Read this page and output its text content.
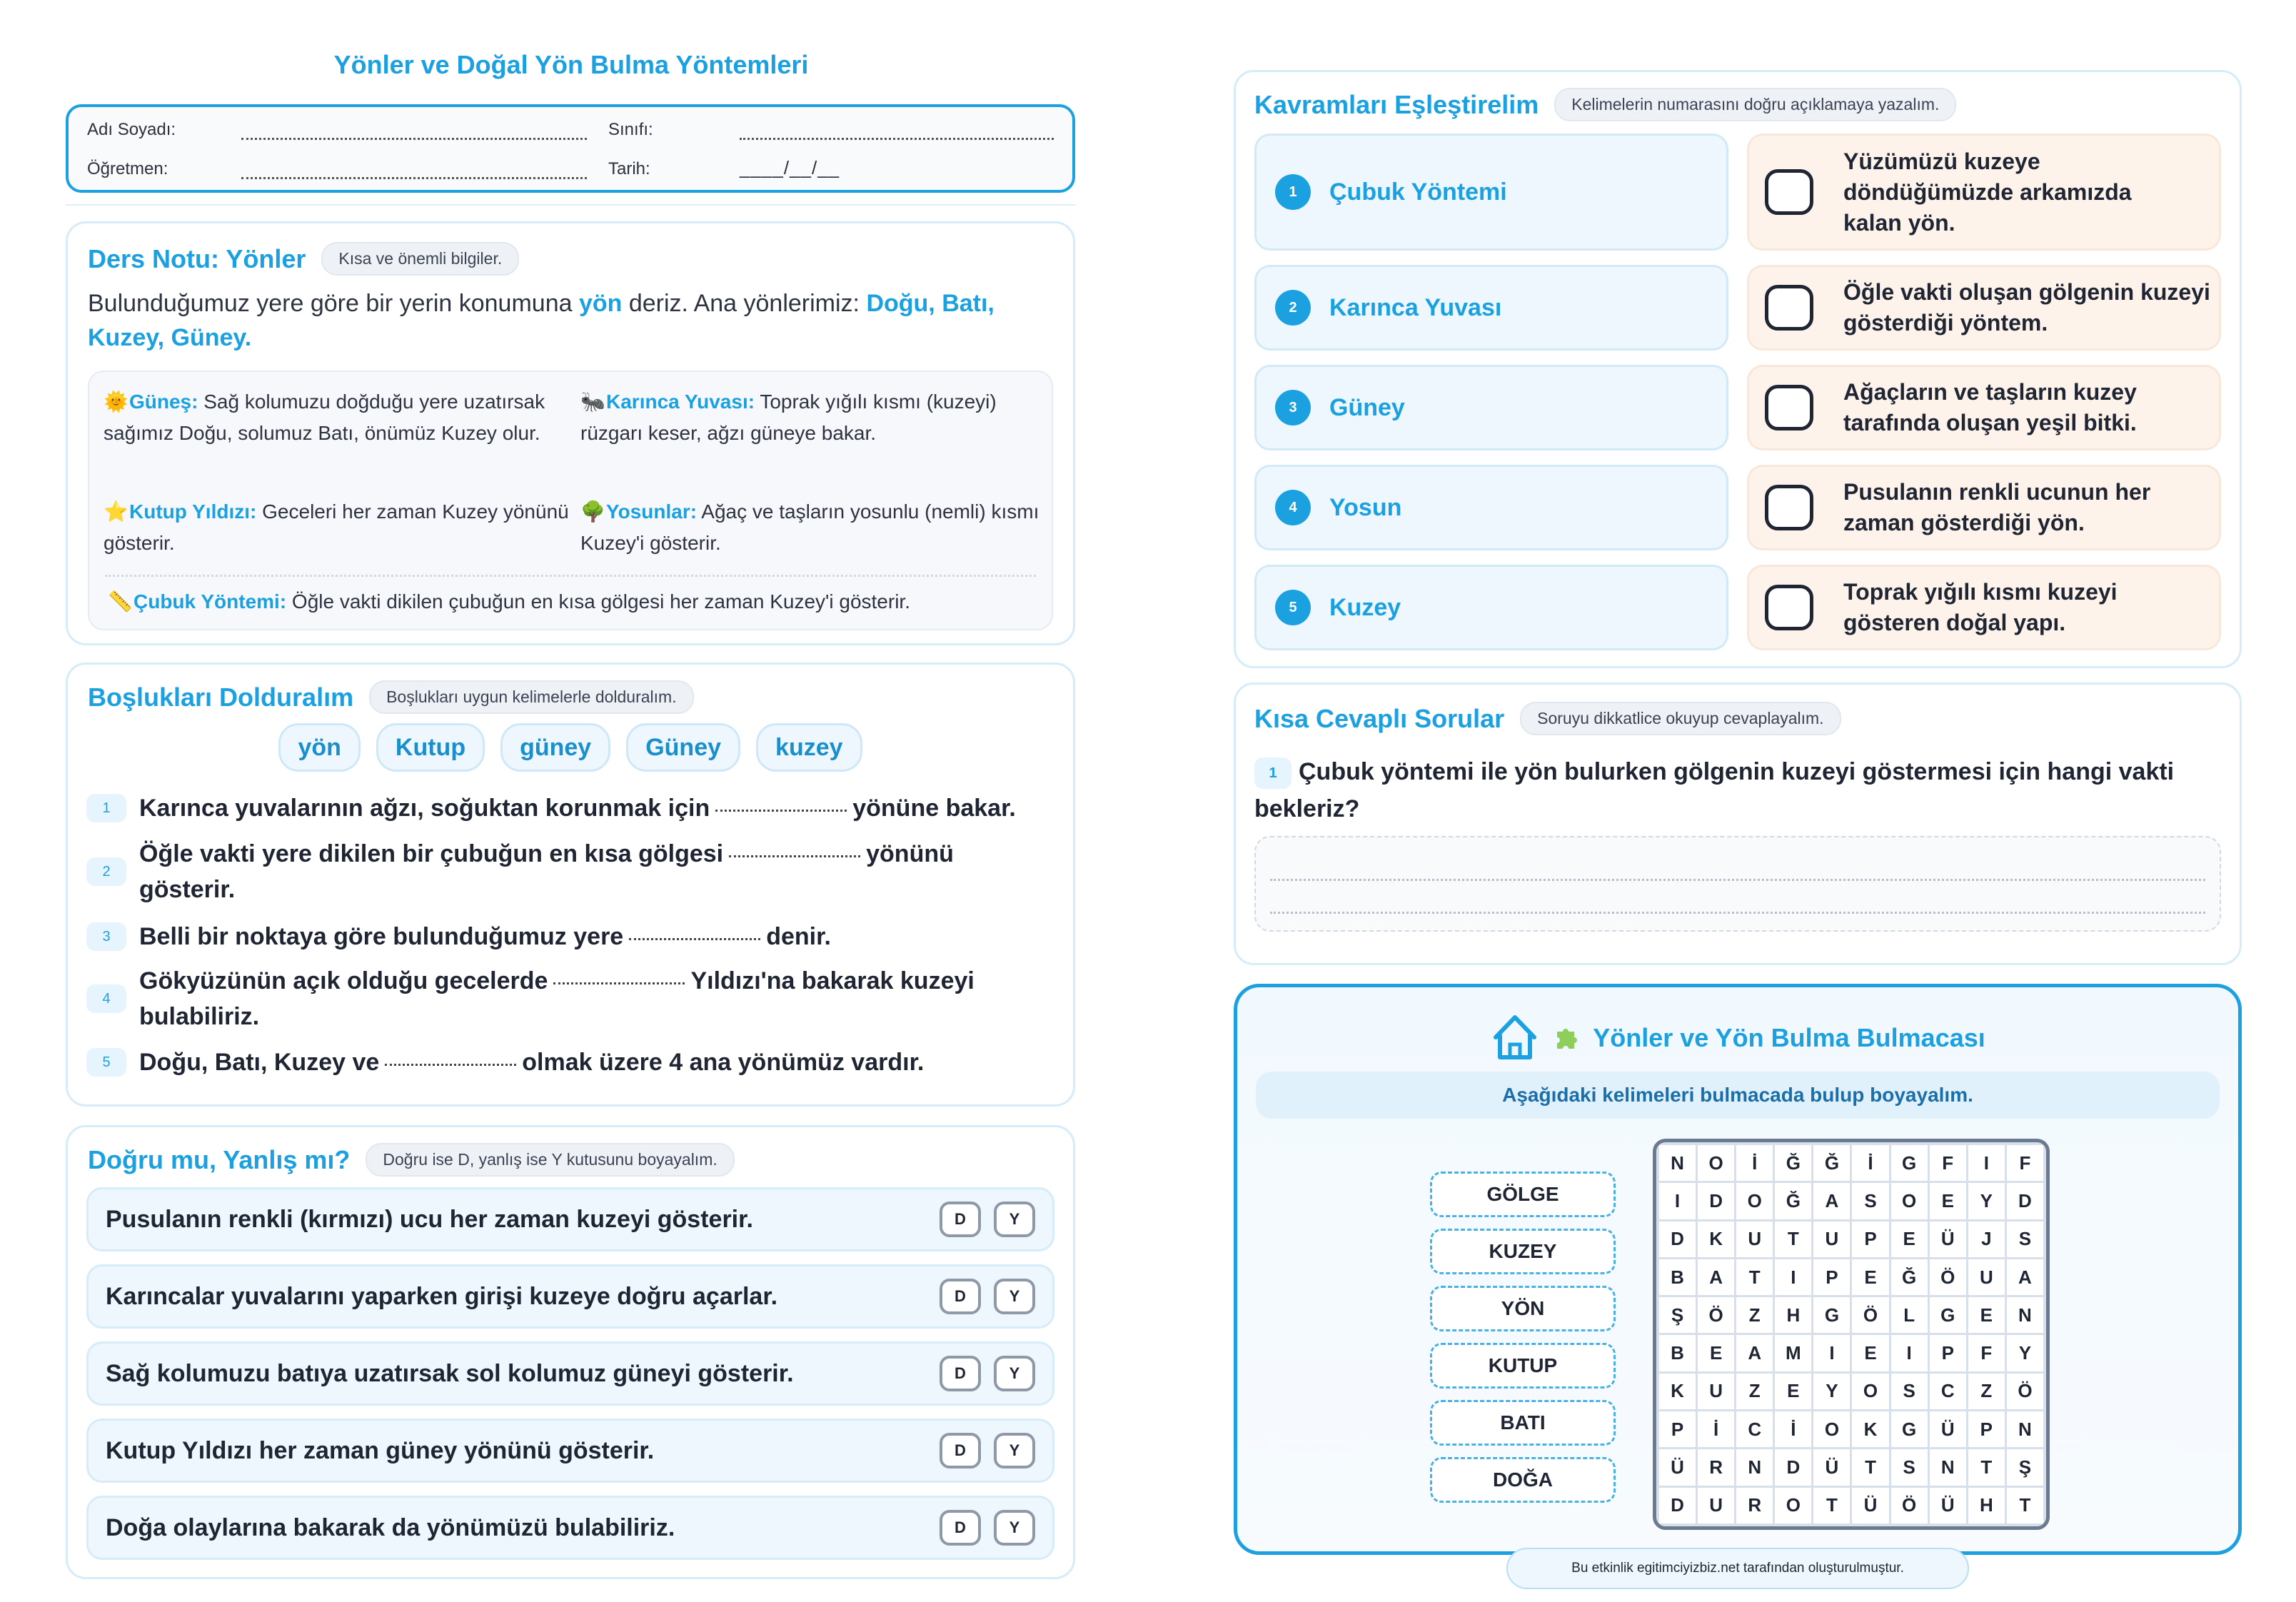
Yönler ve Doğal Yön Bulma Yöntemleri
Adı Soyadı:	Sınıfı:
Öğretmen:	Tarih:	____/__/__
Ders Notu: Yönler	Kısa ve önemli bilgiler.
Bulunduğumuz yere göre bir yerin konumuna yön deriz. Ana yönlerimiz: Doğu, Batı, Kuzey, Güney.
🌞Güneş: Sağ kolumuzu doğduğu yere uzatırsak sağımız Doğu, solumuz Batı, önümüz Kuzey olur.
🐜Karınca Yuvası: Toprak yığılı kısmı (kuzeyi) rüzgarı keser, ağzı güneye bakar.
⭐Kutup Yıldızı: Geceleri her zaman Kuzey yönünü gösterir.
🌳Yosunlar: Ağaç ve taşların yosunlu (nemli) kısmı Kuzey'i gösterir.
📏Çubuk Yöntemi: Öğle vakti dikilen çubuğun en kısa gölgesi her zaman Kuzey'i gösterir.
Boşlukları Dolduralım	Boşlukları uygun kelimelerle dolduralım.
yön	Kutup	güney	Güney	kuzey
1	Karınca yuvalarının ağzı, soğuktan korunmak için	yönüne bakar.
2
Öğle vakti yere dikilen bir çubuğun en kısa gölgesi	yönünü gösterir.
3	Belli bir noktaya göre bulunduğumuz yere	denir.
4
Gökyüzünün açık olduğu gecelerde	Yıldızı'na bakarak kuzeyi bulabiliriz.
5	Doğu, Batı, Kuzey ve	olmak üzere 4 ana yönümüz vardır.
Doğru mu, Yanlış mı?	Doğru ise D, yanlış ise Y kutusunu boyayalım.
Pusulanın renkli (kırmızı) ucu her zaman kuzeyi gösterir.	D	Y
Karıncalar yuvalarını yaparken girişi kuzeye doğru açarlar.	D	Y
Sağ kolumuzu batıya uzatırsak sol kolumuz güneyi gösterir.	D	Y
Kutup Yıldızı her zaman güney yönünü gösterir.	D	Y
Doğa olaylarına bakarak da yönümüzü bulabiliriz.	D	Y
Kavramları Eşleştirelim	Kelimelerin numarasını doğru açıklamaya yazalım.
1	Çubuk Yöntemi
2	Karınca Yuvası
3	Güney
4	Yosun
5	Kuzey
Yüzümüzü kuzeye döndüğümüzde arkamızda kalan yön.
Öğle vakti oluşan gölgenin kuzeyi gösterdiği yöntem.
Ağaçların ve taşların kuzey tarafında oluşan yeşil bitki.
Pusulanın renkli ucunun her zaman gösterdiği yön.
Toprak yığılı kısmı kuzeyi gösteren doğal yapı.
Kısa Cevaplı Sorular	Soruyu dikkatlice okuyup cevaplayalım.
1 Çubuk yöntemi ile yön bulurken gölgenin kuzeyi göstermesi için hangi vakti bekleriz?
Yönler ve Yön Bulma Bulmacası
Aşağıdaki kelimeleri bulmacada bulup boyayalım.
GÖLGE
KUZEY
YÖN
KUTUP
BATI
DOĞA
N	O	İ	Ğ	Ğ	İ	G	F	I	F
I	D	O	Ğ	A	S	O	E	Y	D
D	K	U	T	U	P	E	Ü	J	S
B	A	T	I	P	E	Ğ	Ö	U	A
Ş	Ö	Z	H	G	Ö	L	G	E	N
B	E	A	M	I	E	I	P	F	Y
K	U	Z	E	Y	O	S	C	Z	Ö
P	İ	C	İ	O	K	G	Ü	P	N
Ü	R	N	D	Ü	T	S	N	T	Ş
D	U	R	O	T	Ü	Ö	Ü	H	T
Bu etkinlik egitimciyizbiz.net tarafından oluşturulmuştur.
